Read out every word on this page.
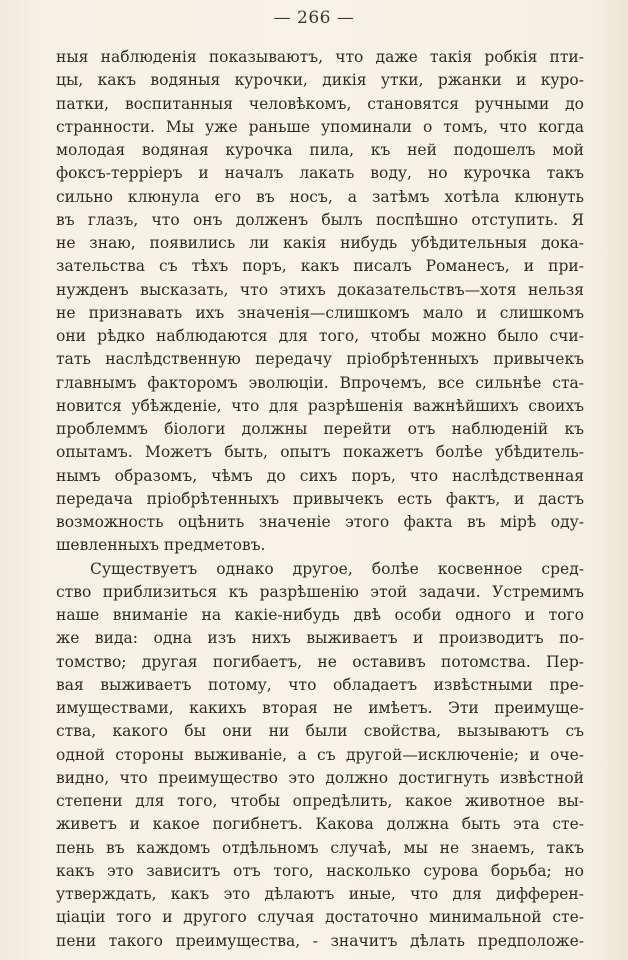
— 266 —
ныя наблюденія показываютъ, что даже такія робкія пти-
цы, какъ водяныя курочки, дикія утки, ржанки и куро-
патки, воспитанныя человѣкомъ, становятся ручными до
странности. Мы уже раньше упоминали о томъ, что когда
молодая водяная курочка пила, къ ней подошелъ мой
фоксъ-терріеръ и началъ лакать воду, но курочка такъ
сильно клюнула его въ носъ, а затѣмъ хотѣла клюнуть
въ глазъ, что онъ долженъ былъ поспѣшно отступить. Я
не знаю, появились ли какія нибудь убѣдительныя дока-
зательства съ тѣхъ поръ, какъ писалъ Романесъ, и при-
нужденъ высказать, что этихъ доказательствъ—хотя нельзя
не признавать ихъ значенія—слишкомъ мало и слишкомъ
они рѣдко наблюдаются для того, чтобы можно было счи-
тать наслѣдственную передачу пріобрѣтенныхъ привычекъ
главнымъ факторомъ эволюціи. Впрочемъ, все сильнѣе ста-
новится убѣжденіе, что для разрѣшенія важнѣйшихъ своихъ
проблеммъ біологи должны перейти отъ наблюденій къ
опытамъ. Можетъ быть, опытъ покажетъ болѣе убѣдитель-
нымъ образомъ, чѣмъ до сихъ поръ, что наслѣдственная
передача пріобрѣтенныхъ привычекъ есть фактъ, и дастъ
возможность оцѣнить значеніе этого факта въ мірѣ оду-
шевленныхъ предметовъ.
Существуетъ однако другое, болѣе косвенное сред-
ство приблизиться къ разрѣшенію этой задачи. Устремимъ
наше вниманіе на какіе-нибудь двѣ особи одного и того
же вида: одна изъ нихъ выживаетъ и производитъ по-
томство; другая погибаетъ, не оставивъ потомства. Пер-
вая выживаетъ потому, что обладаетъ извѣстными пре-
имуществами, какихъ вторая не имѣетъ. Эти преимуще-
ства, какого бы они ни были свойства, вызываютъ съ
одной стороны выживаніе, а съ другой—исключеніе; и оче-
видно, что преимущество это должно достигнуть извѣстной
степени для того, чтобы опредѣлить, какое животное вы-
живетъ и какое погибнетъ. Какова должна быть эта сте-
пень въ каждомъ отдѣльномъ случаѣ, мы не знаемъ, такъ
какъ это зависитъ отъ того, насколько сурова борьба; но
утверждать, какъ это дѣлаютъ иные, что для дифферен-
ціаціи того и другого случая достаточно минимальной сте-
пени такого преимущества, - значитъ дѣлать предположе-
